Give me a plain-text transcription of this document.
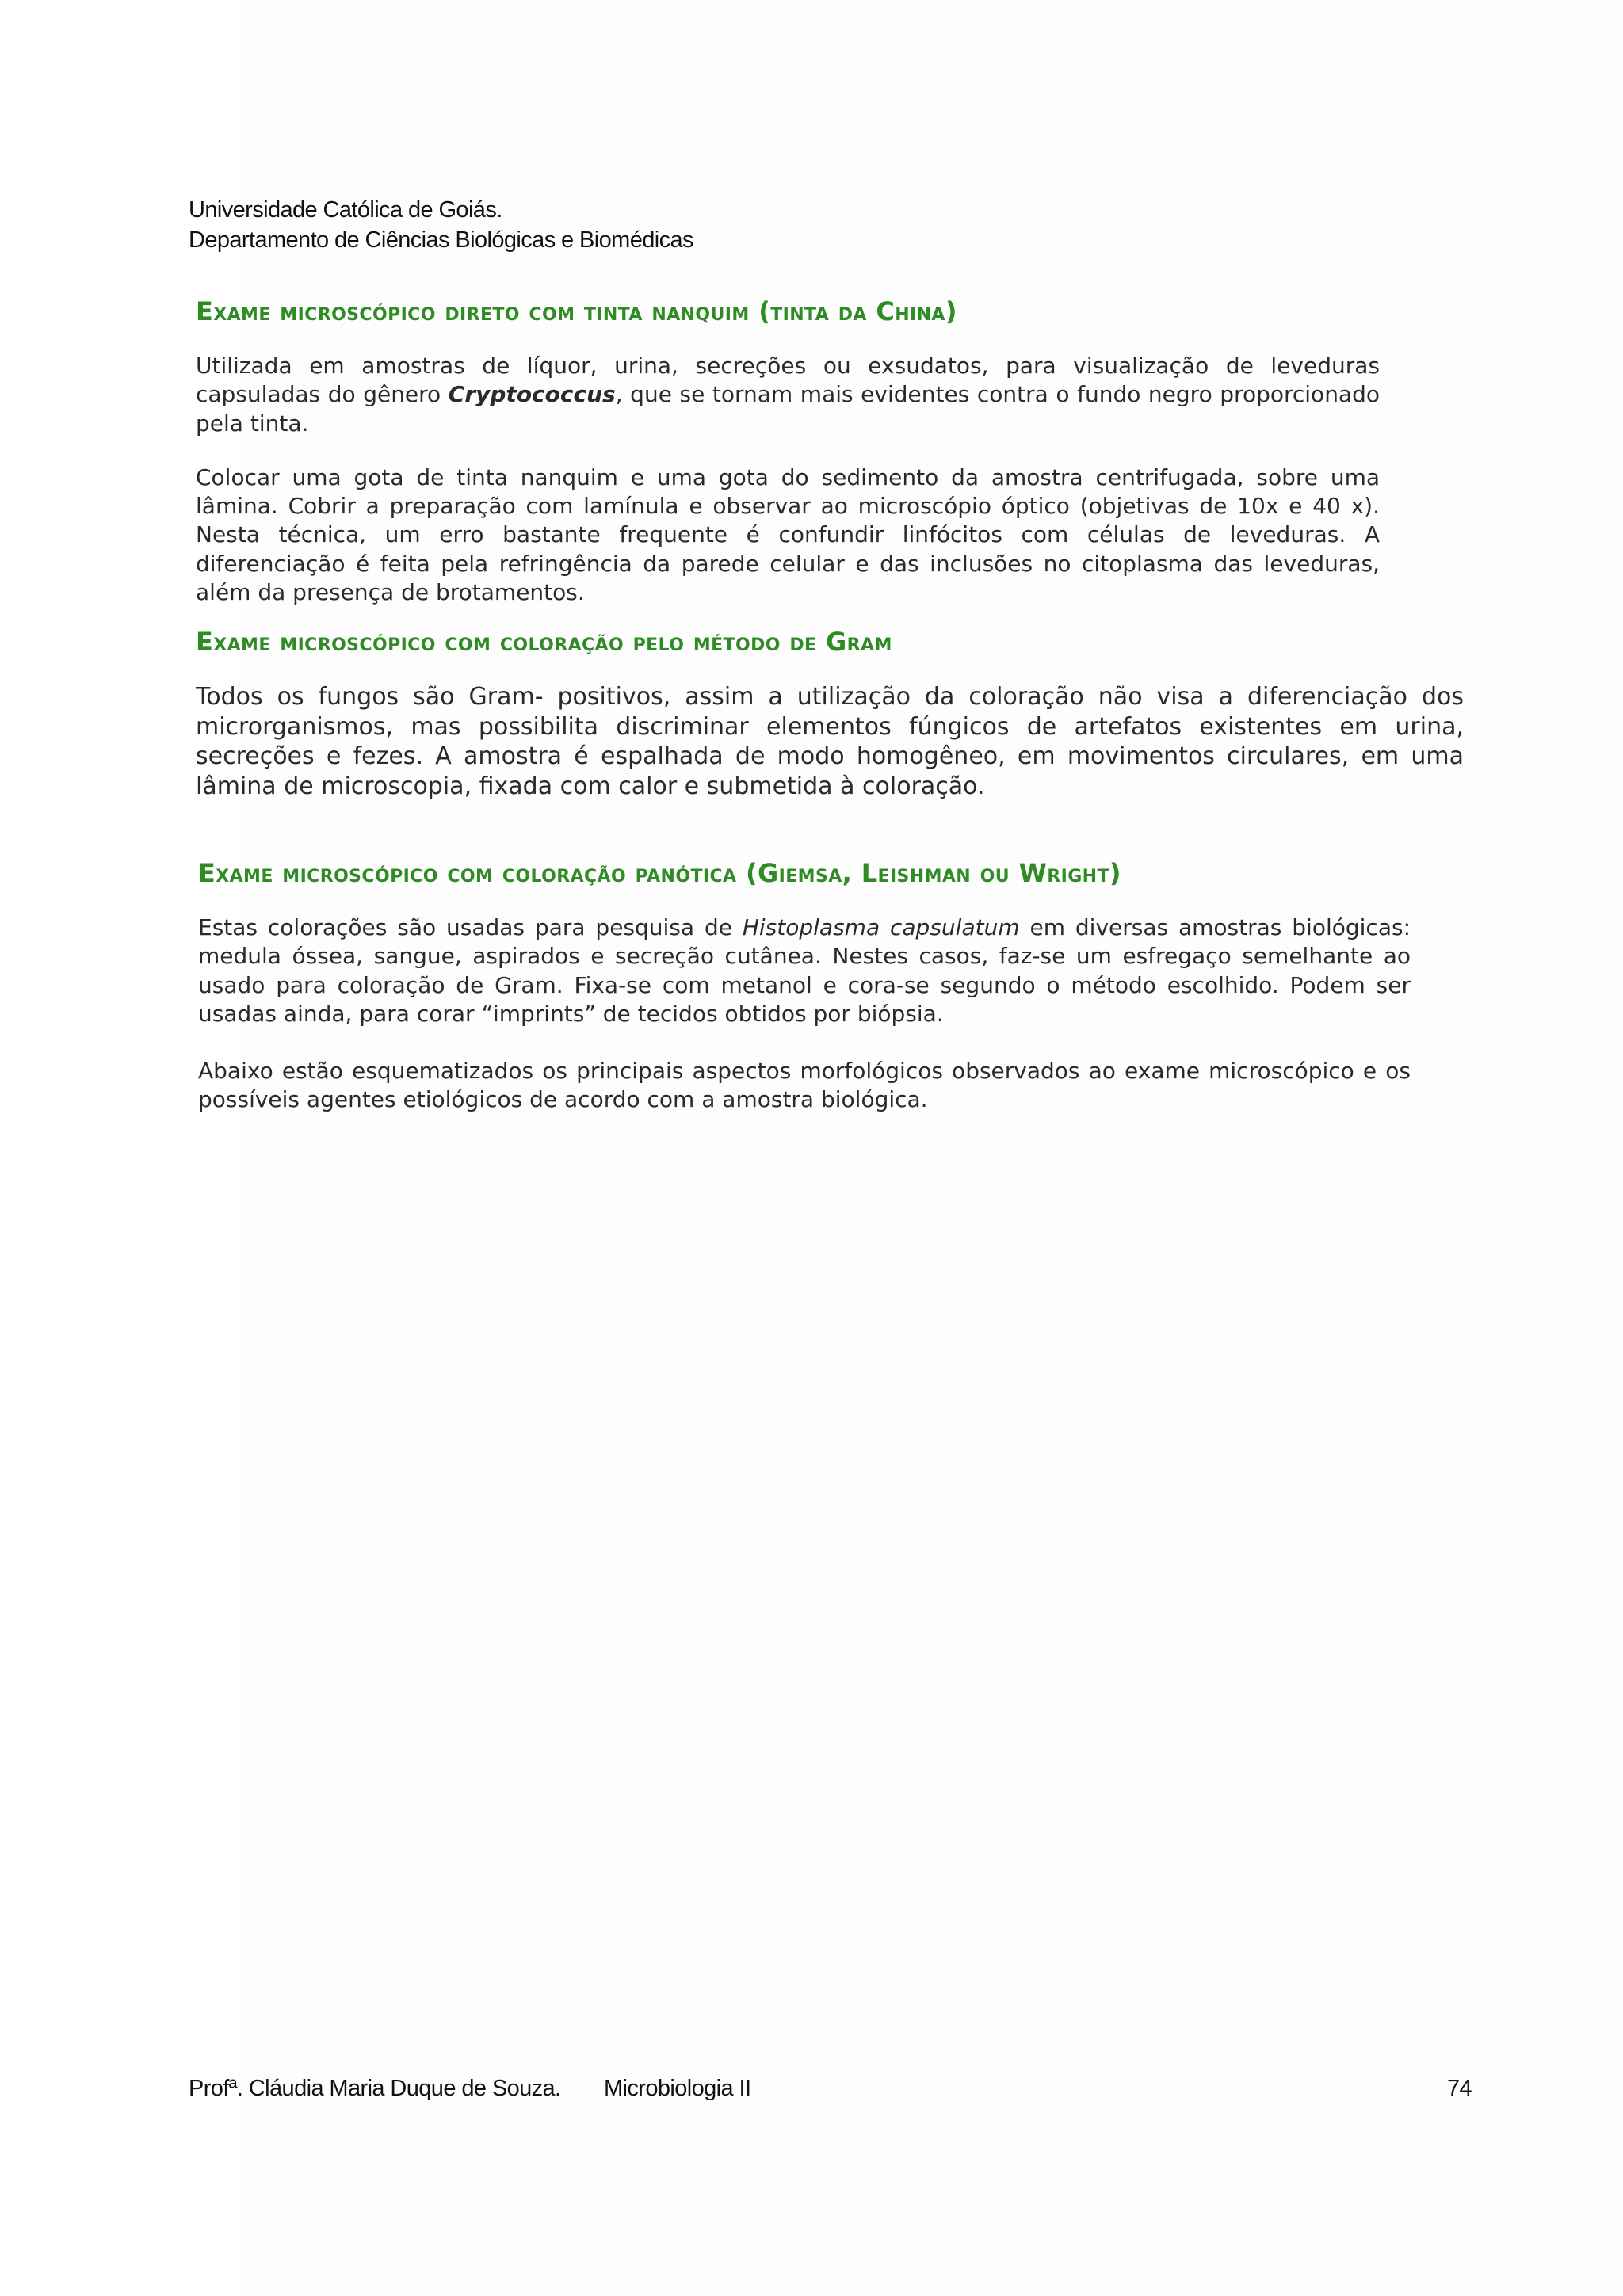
Universidade Católica de Goiás.
Departamento de Ciências Biológicas e Biomédicas
Exame microscópico direto com tinta nanquim (tinta da China)

Utilizada em amostras de líquor, urina, secreções ou exsudatos, para visualização de leveduras capsuladas do gênero Cryptococcus, que se tornam mais evidentes contra o fundo negro proporcionado pela tinta.

Colocar uma gota de tinta nanquim e uma gota do sedimento da amostra centrifugada, sobre uma lâmina. Cobrir a preparação com lamínula e observar ao microscópio óptico (objetivas de 10x e 40 x). Nesta técnica, um erro bastante frequente é confundir linfócitos com células de leveduras. A diferenciação é feita pela refringência da parede celular e das inclusões no citoplasma das leveduras, além da presença de brotamentos.

Exame microscópico com coloração pelo método de Gram

Todos os fungos são Gram- positivos, assim a utilização da coloração não visa a diferenciação dos microrganismos, mas possibilita discriminar elementos fúngicos de artefatos existentes em urina, secreções e fezes. A amostra é espalhada de modo homogêneo, em movimentos circulares, em uma lâmina de microscopia, fixada com calor e submetida à coloração.

Exame microscópico com coloração panótica (Giemsa, Leishman ou Wright)

Estas colorações são usadas para pesquisa de Histoplasma capsulatum em diversas amostras biológicas: medula óssea, sangue, aspirados e secreção cutânea. Nestes casos, faz-se um esfregaço semelhante ao usado para coloração de Gram. Fixa-se com metanol e cora-se segundo o método escolhido. Podem ser usadas ainda, para corar “imprints” de tecidos obtidos por biópsia.

Abaixo estão esquematizados os principais aspectos morfológicos observados ao exame microscópico e os possíveis agentes etiológicos de acordo com a amostra biológica.

Profª. Cláudia Maria Duque de Souza. Microbiologia II	74
